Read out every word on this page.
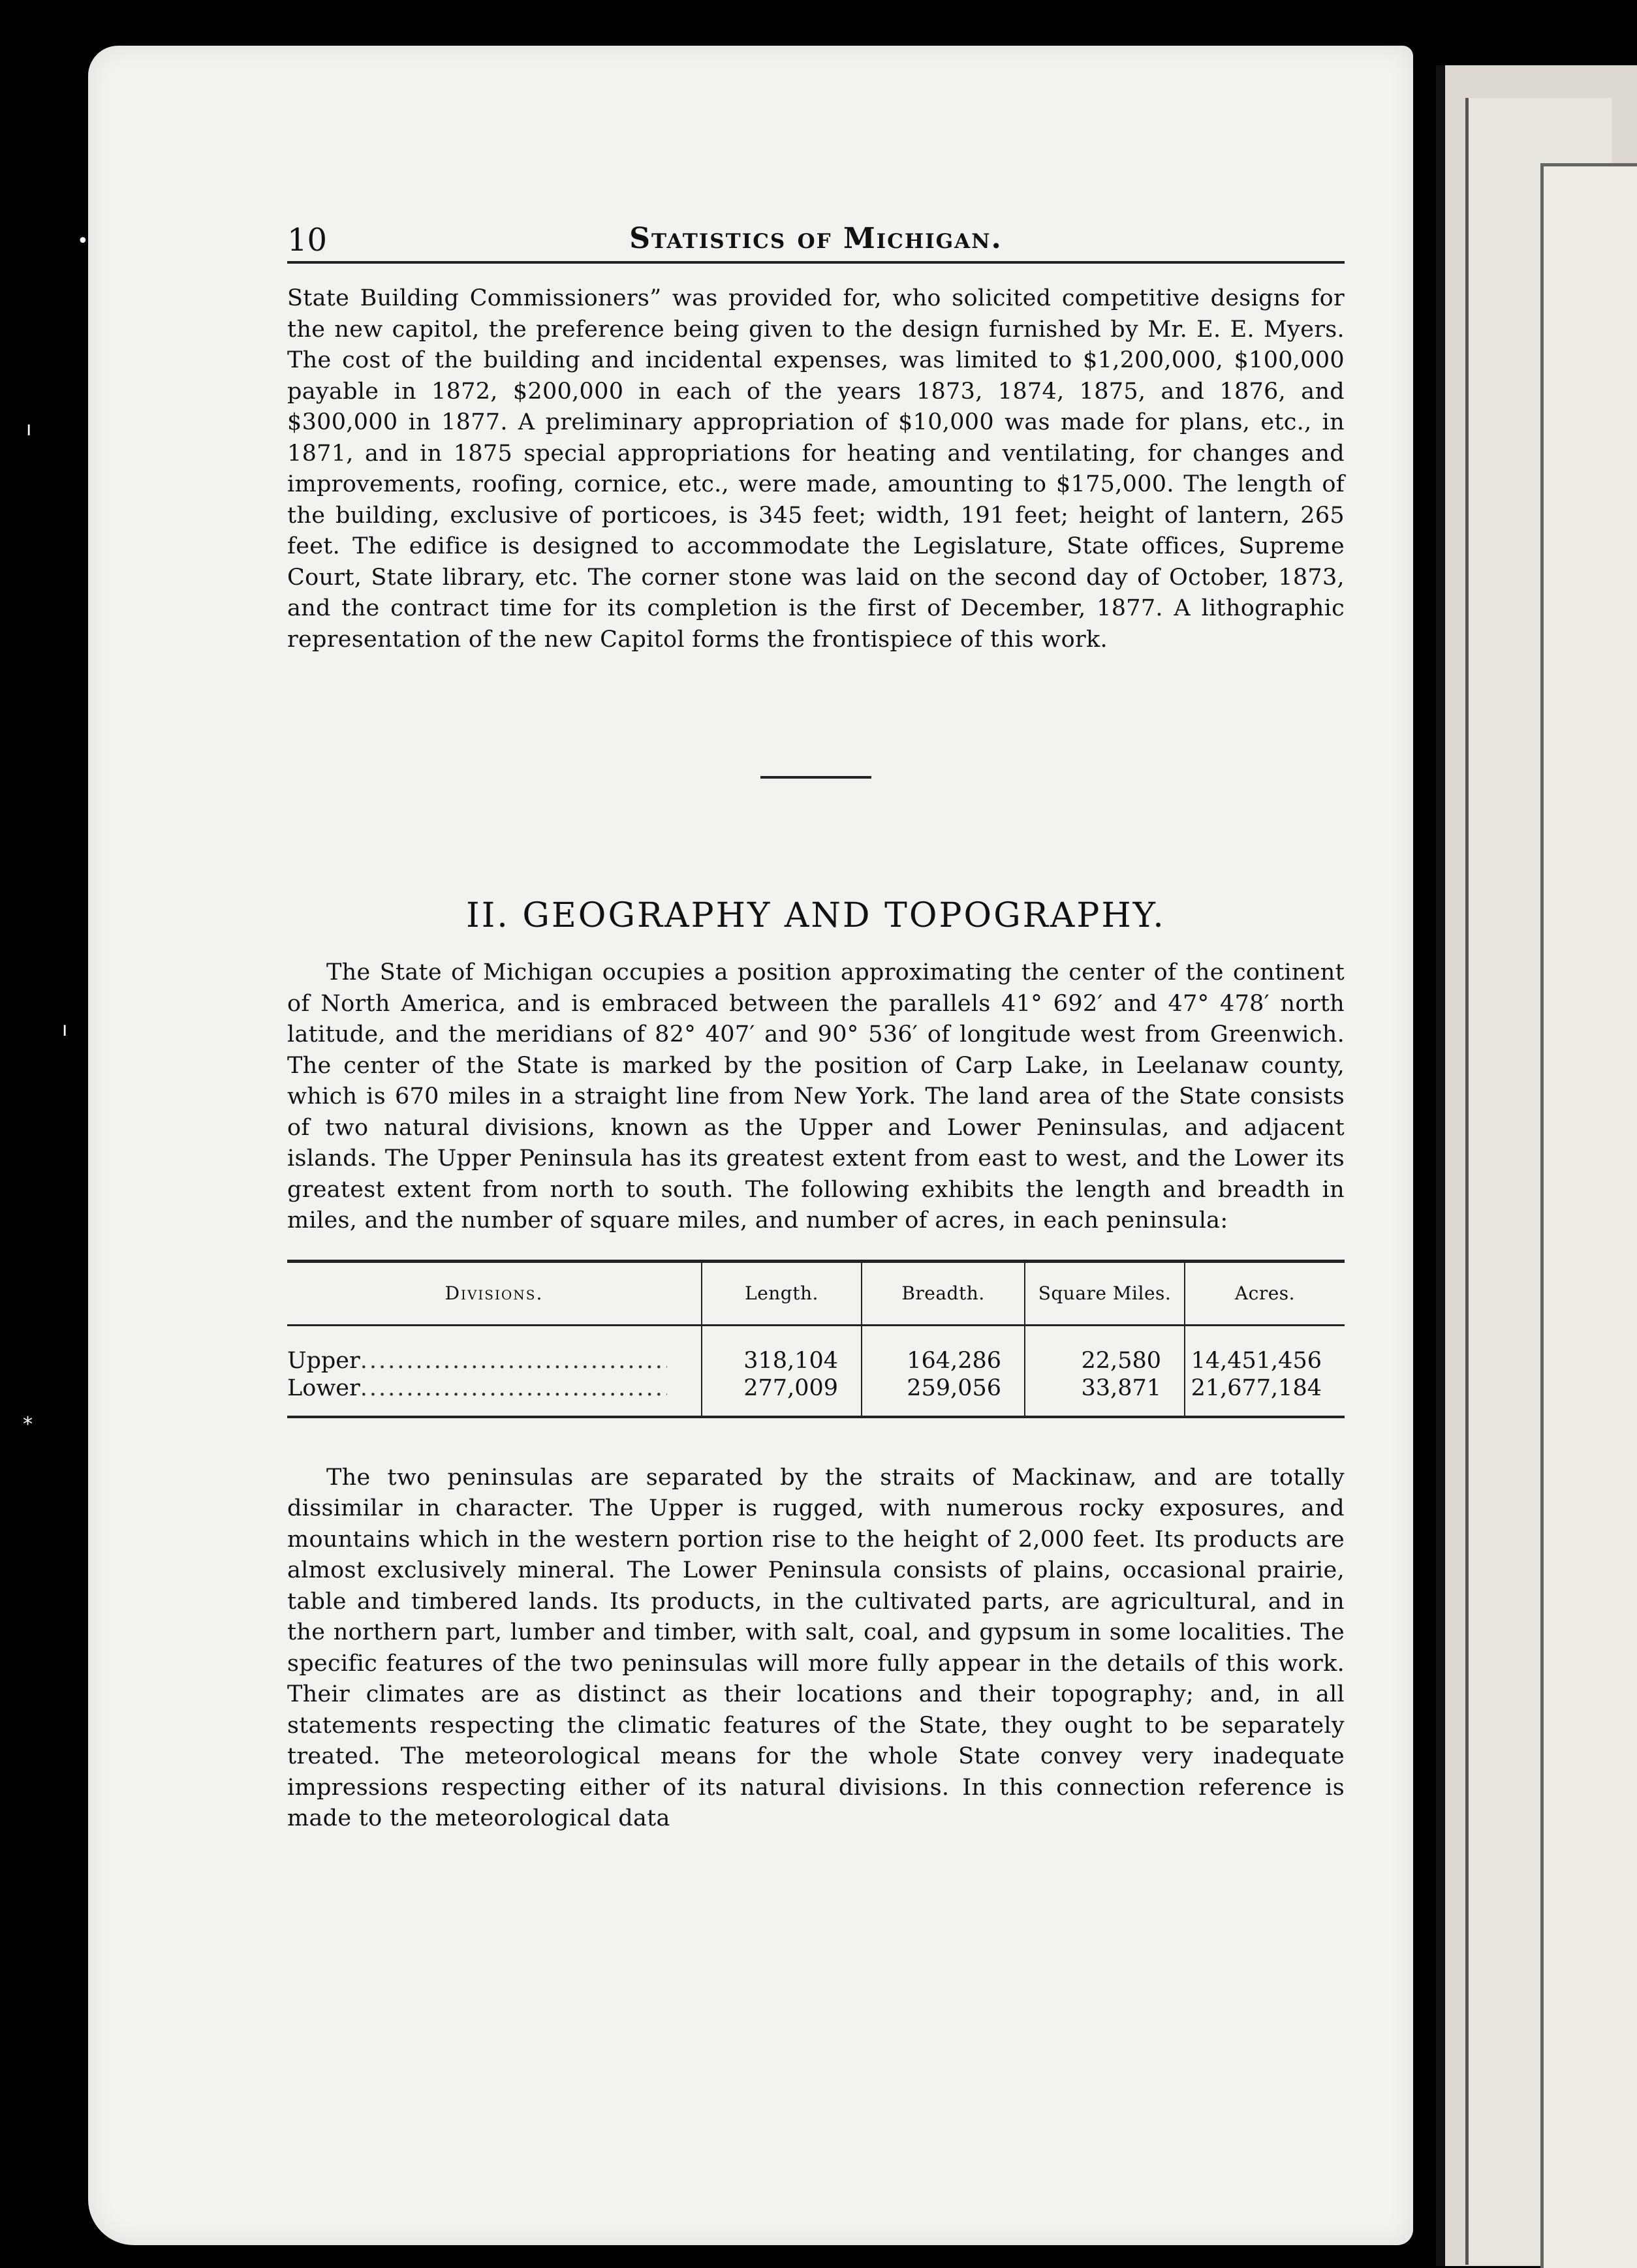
•
ı
ı
*
10	Statistics of Michigan.

State Building Commissioners” was provided for, who solicited competitive designs for the new capitol, the preference being given to the design furnished by Mr. E. E. Myers. The cost of the building and incidental expenses, was limited to $1,200,000, $100,000 payable in 1872, $200,000 in each of the years 1873, 1874, 1875, and 1876, and $300,000 in 1877. A preliminary appropriation of $10,000 was made for plans, etc., in 1871, and in 1875 special appropriations for heating and ventilating, for changes and improvements, roofing, cornice, etc., were made, amounting to $175,000. The length of the building, exclusive of porticoes, is 345 feet; width, 191 feet; height of lantern, 265 feet. The edifice is designed to accommodate the Legislature, State offices, Supreme Court, State library, etc. The corner stone was laid on the second day of October, 1873, and the contract time for its completion is the first of December, 1877. A lithographic representation of the new Capitol forms the frontispiece of this work.

II. GEOGRAPHY AND TOPOGRAPHY.

The State of Michigan occupies a position approximating the center of the continent of North America, and is embraced between the parallels 41° 692′ and 47° 478′ north latitude, and the meridians of 82° 407′ and 90° 536′ of longitude west from Greenwich. The center of the State is marked by the position of Carp Lake, in Leelanaw county, which is 670 miles in a straight line from New York. The land area of the State consists of two natural divisions, known as the Upper and Lower Peninsulas, and adjacent islands. The Upper Peninsula has its greatest extent from east to west, and the Lower its greatest extent from north to south. The following exhibits the length and breadth in miles, and the number of square miles, and number of acres, in each peninsula:

Divisions.	Length.	Breadth.	Square Miles.	Acres.

Upper.....	318,104	164,286	22,580	14,451,456
Lower.....	277,009	259,056	33,871	21,677,184

The two peninsulas are separated by the straits of Mackinaw, and are totally dissimilar in character. The Upper is rugged, with numerous rocky exposures, and mountains which in the western portion rise to the height of 2,000 feet. Its products are almost exclusively mineral. The Lower Peninsula consists of plains, occasional prairie, table and timbered lands. Its products, in the cultivated parts, are agricultural, and in the northern part, lumber and timber, with salt, coal, and gypsum in some localities. The specific features of the two peninsulas will more fully appear in the details of this work. Their climates are as distinct as their locations and their topography; and, in all statements respecting the climatic features of the State, they ought to be separately treated. The meteorological means for the whole State convey very inadequate impressions respecting either of its natural divisions. In this connection reference is made to the meteorological data
